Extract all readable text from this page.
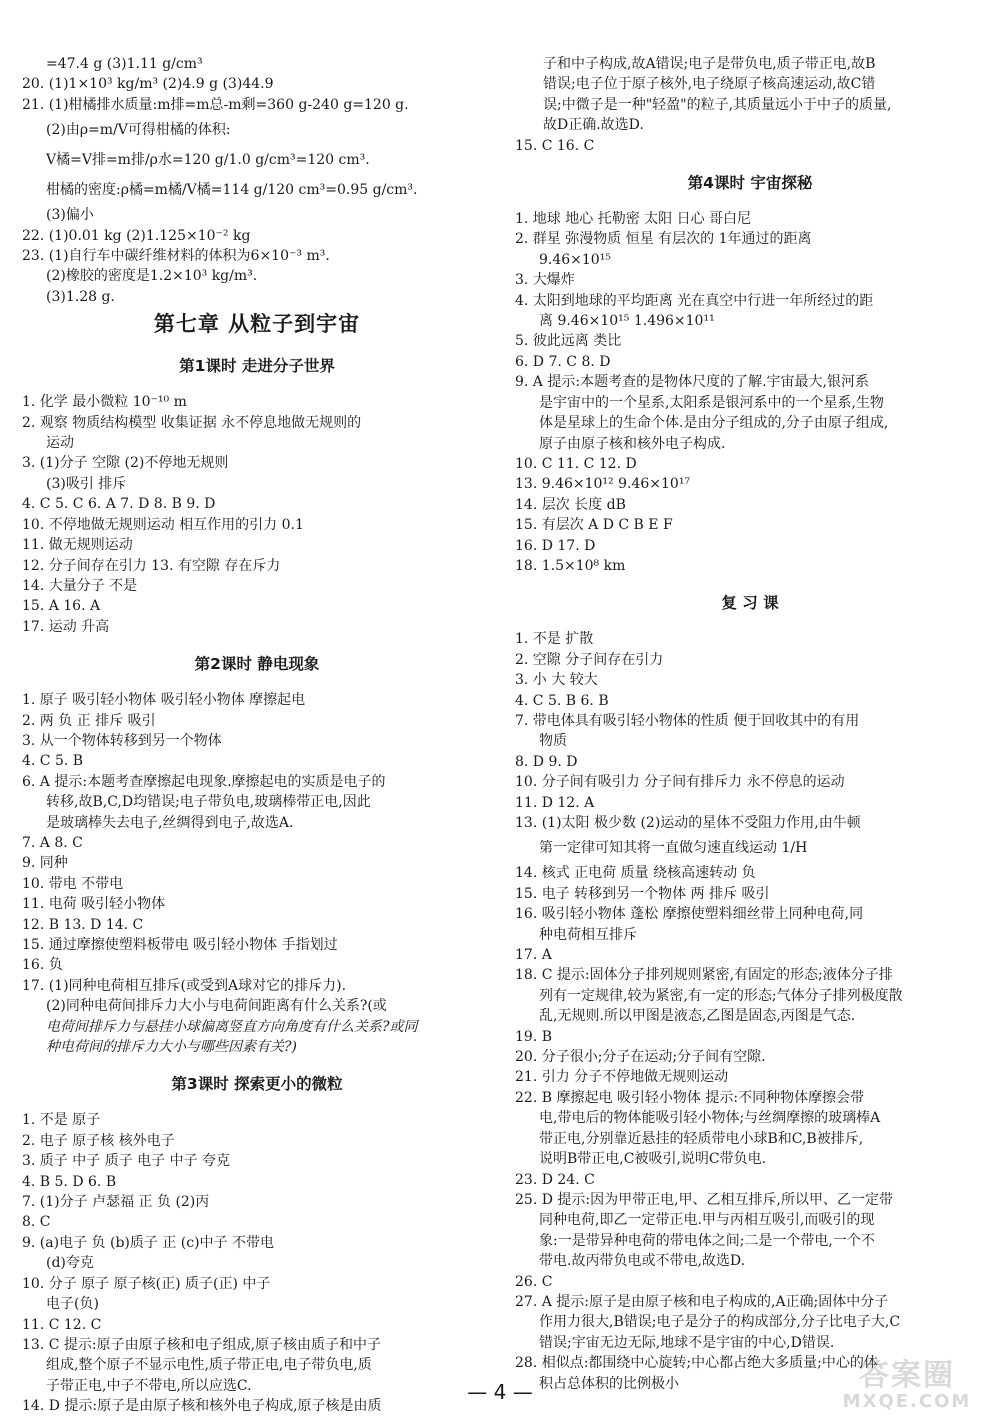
=47.4 g (3)1.11 g/cm³

20. (1)1×10³ kg/m³ (2)4.9 g (3)44.9

21. (1)柑橘排水质量:m排=m总-m剩=360 g-240 g=120 g.

(2)由ρ=m/V可得柑橘的体积:

V橘=V排=m排/ρ水=120 g/1.0 g/cm³=120 cm³.

柑橘的密度:ρ橘=m橘/V橘=114 g/120 cm³=0.95 g/cm³.

(3)偏小

22. (1)0.01 kg (2)1.125×10⁻² kg

23. (1)自行车中碳纤维材料的体积为6×10⁻³ m³.

(2)橡胶的密度是1.2×10³ kg/m³.

(3)1.28 g.

第七章 从粒子到宇宙

第1课时 走进分子世界

1. 化学 最小微粒 10⁻¹⁰ m

2. 观察 物质结构模型 收集证据 永不停息地做无规则的

运动

3. (1)分子 空隙 (2)不停地无规则

(3)吸引 排斥

4. C 5. C 6. A 7. D 8. B 9. D

10. 不停地做无规则运动 相互作用的引力 0.1

11. 做无规则运动

12. 分子间存在引力 13. 有空隙 存在斥力

14. 大量分子 不是

15. A 16. A

17. 运动 升高

第2课时 静电现象

1. 原子 吸引轻小物体 吸引轻小物体 摩擦起电

2. 两 负 正 排斥 吸引

3. 从一个物体转移到另一个物体

4. C 5. B

6. A 提示:本题考查摩擦起电现象.摩擦起电的实质是电子的

转移,故B,C,D均错误;电子带负电,玻璃棒带正电,因此

是玻璃棒失去电子,丝绸得到电子,故选A.

7. A 8. C

9. 同种

10. 带电 不带电

11. 电荷 吸引轻小物体

12. B 13. D 14. C

15. 通过摩擦使塑料板带电 吸引轻小物体 手指划过

16. 负

17. (1)同种电荷相互排斥(或受到A球对它的排斥力).

(2)同种电荷间排斥力大小与电荷间距离有什么关系?(或

电荷间排斥力与悬挂小球偏离竖直方向角度有什么关系?或同

种电荷间的排斥力大小与哪些因素有关?)

第3课时 探索更小的微粒

1. 不是 原子

2. 电子 原子核 核外电子

3. 质子 中子 质子 电子 中子 夸克

4. B 5. D 6. B

7. (1)分子 卢瑟福 正 负 (2)丙

8. C

9. (a)电子 负 (b)质子 正 (c)中子 不带电

(d)夸克

10. 分子 原子 原子核(正) 质子(正) 中子

电子(负)

11. C 12. C

13. C 提示:原子由原子核和电子组成,原子核由质子和中子

组成,整个原子不显示电性,质子带正电,电子带负电,质

子带正电,中子不带电,所以应选C.

14. D 提示:原子是由原子核和核外电子构成,原子核是由质

子和中子构成,故A错误;电子是带负电,质子带正电,故B

错误;电子位于原子核外,电子绕原子核高速运动,故C错

误;中微子是一种"轻盈"的粒子,其质量远小于中子的质量,

故D正确.故选D.

15. C 16. C

第4课时 宇宙探秘

1. 地球 地心 托勒密 太阳 日心 哥白尼

2. 群星 弥漫物质 恒星 有层次的 1年通过的距离

9.46×10¹⁵

3. 大爆炸

4. 太阳到地球的平均距离 光在真空中行进一年所经过的距

离 9.46×10¹⁵ 1.496×10¹¹

5. 彼此远离 类比

6. D 7. C 8. D

9. A 提示:本题考查的是物体尺度的了解.宇宙最大,银河系

是宇宙中的一个星系,太阳系是银河系中的一个星系,生物

体是星球上的生命个体.是由分子组成的,分子由原子组成,

原子由原子核和核外电子构成.

10. C 11. C 12. D

13. 9.46×10¹² 9.46×10¹⁷

14. 层次 长度 dB

15. 有层次 A D C B E F

16. D 17. D

18. 1.5×10⁸ km

复 习 课

1. 不是 扩散

2. 空隙 分子间存在引力

3. 小 大 较大

4. C 5. B 6. B

7. 带电体具有吸引轻小物体的性质 便于回收其中的有用

物质

8. D 9. D

10. 分子间有吸引力 分子间有排斥力 永不停息的运动

11. D 12. A

13. (1)太阳 极少数 (2)运动的星体不受阻力作用,由牛顿

第一定律可知其将一直做匀速直线运动 1/H

14. 核式 正电荷 质量 绕核高速转动 负

15. 电子 转移到另一个物体 两 排斥 吸引

16. 吸引轻小物体 蓬松 摩擦使塑料细丝带上同种电荷,同

种电荷相互排斥

17. A

18. C 提示:固体分子排列规则紧密,有固定的形态;液体分子排

列有一定规律,较为紧密,有一定的形态;气体分子排列极度散

乱,无规则.所以甲图是液态,乙图是固态,丙图是气态.

19. B

20. 分子很小;分子在运动;分子间有空隙.

21. 引力 分子不停地做无规则运动

22. B 摩擦起电 吸引轻小物体 提示:不同种物体摩擦会带

电,带电后的物体能吸引轻小物体;与丝绸摩擦的玻璃棒A

带正电,分别靠近悬挂的轻质带电小球B和C,B被排斥,

说明B带正电,C被吸引,说明C带负电.

23. D 24. C

25. D 提示:因为甲带正电,甲、乙相互排斥,所以甲、乙一定带

同种电荷,即乙一定带正电.甲与丙相互吸引,而吸引的现

象:一是带异种电荷的带电体之间;二是一个带电,一个不

带电.故丙带负电或不带电,故选D.

26. C

27. A 提示:原子是由原子核和电子构成的,A正确;固体中分子

作用力很大,B错误;电子是分子的构成部分,分子比电子大,C

错误;宇宙无边无际,地球不是宇宙的中心,D错误.

28. 相似点:都围绕中心旋转;中心都占绝大多质量;中心的体

积占总体积的比例极小

— 4 —	答案圈
MXQE.COM
